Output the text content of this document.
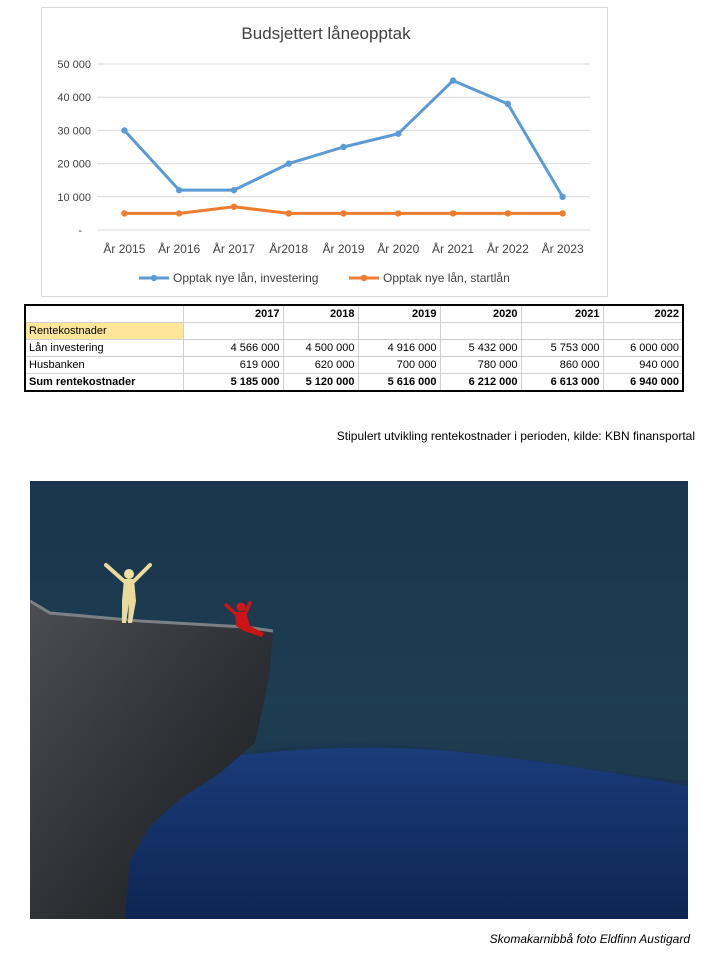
Budsjettert låneopptak
-
10 000
20 000
30 000
40 000
50 000
År 2015 År 2016 År 2017 År2018 År 2019 År 2020 År 2021 År 2022 År 2023
Opptak nye lån, investering	Opptak nye lån, startlån
	2017	2018	2019	2020	2021	2022
Rentekostnader						
Lån investering	4 566 000	4 500 000	4 916 000	5 432 000	5 753 000	6 000 000
Husbanken	619 000	620 000	700 000	780 000	860 000	940 000
Sum rentekostnader	5 185 000	5 120 000	5 616 000	6 212 000	6 613 000	6 940 000
Stipulert utvikling rentekostnader i perioden, kilde: KBN finansportal
Skomakarnibbå foto Eldfinn Austigard
